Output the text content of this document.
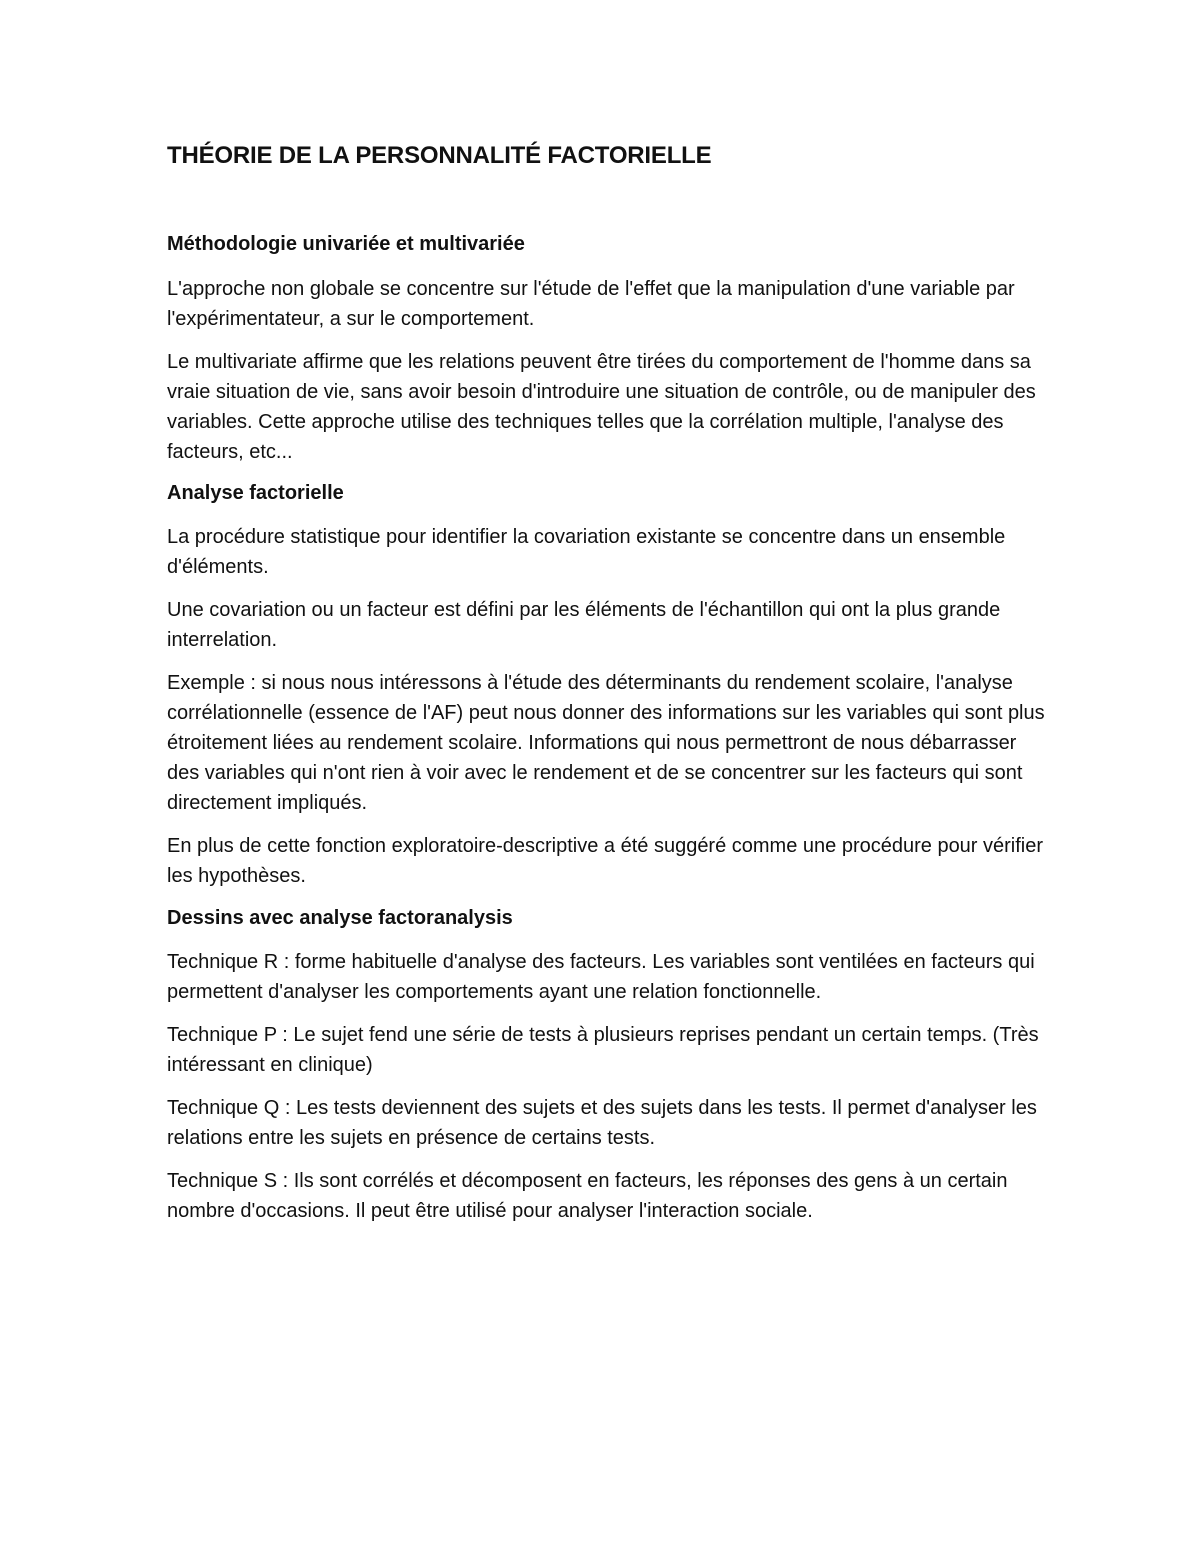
THÉORIE DE LA PERSONNALITÉ FACTORIELLE
Méthodologie univariée et multivariée

L'approche non globale se concentre sur l'étude de l'effet que la manipulation d'une variable par l'expérimentateur, a sur le comportement.

Le multivariate affirme que les relations peuvent être tirées du comportement de l'homme dans sa vraie situation de vie, sans avoir besoin d'introduire une situation de contrôle, ou de manipuler des variables. Cette approche utilise des techniques telles que la corrélation multiple, l'analyse des facteurs, etc...

Analyse factorielle

La procédure statistique pour identifier la covariation existante se concentre dans un ensemble d'éléments.

Une covariation ou un facteur est défini par les éléments de l'échantillon qui ont la plus grande interrelation.

Exemple : si nous nous intéressons à l'étude des déterminants du rendement scolaire, l'analyse corrélationnelle (essence de l'AF) peut nous donner des informations sur les variables qui sont plus étroitement liées au rendement scolaire. Informations qui nous permettront de nous débarrasser des variables qui n'ont rien à voir avec le rendement et de se concentrer sur les facteurs qui sont directement impliqués.

En plus de cette fonction exploratoire-descriptive a été suggéré comme une procédure pour vérifier les hypothèses.

Dessins avec analyse factoranalysis

Technique R : forme habituelle d'analyse des facteurs. Les variables sont ventilées en facteurs qui permettent d'analyser les comportements ayant une relation fonctionnelle.

Technique P : Le sujet fend une série de tests à plusieurs reprises pendant un certain temps. (Très intéressant en clinique)

Technique Q : Les tests deviennent des sujets et des sujets dans les tests. Il permet d'analyser les relations entre les sujets en présence de certains tests.

Technique S : Ils sont corrélés et décomposent en facteurs, les réponses des gens à un certain nombre d'occasions. Il peut être utilisé pour analyser l'interaction sociale.
